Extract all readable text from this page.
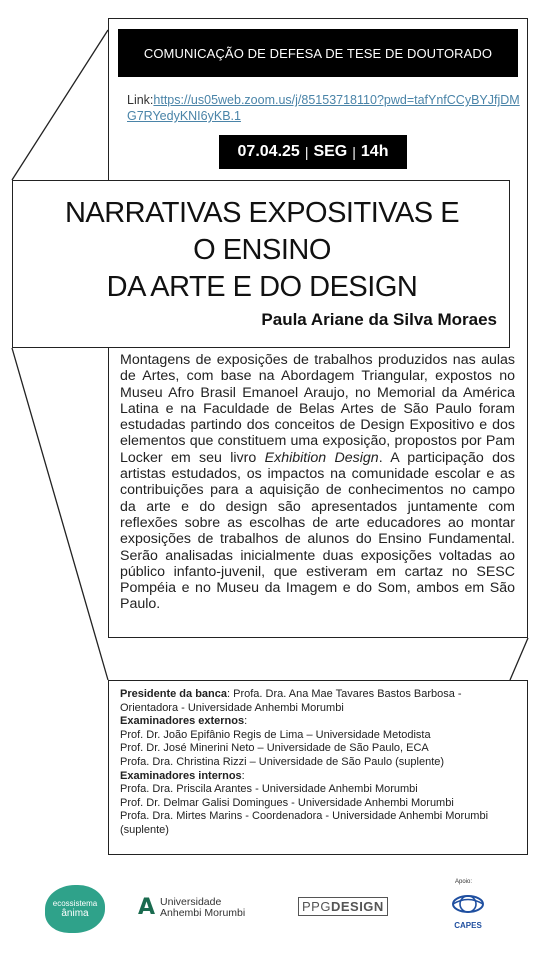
COMUNICAÇÃO DE DEFESA DE TESE DE DOUTORADO
Link:https://us05web.zoom.us/j/85153718110?pwd=tafYnfCCyBYJfjDMG7RYedyKNI6yKB.1
07.04.25 | SEG | 14h
NARRATIVAS EXPOSITIVAS E
O ENSINO
DA ARTE E DO DESIGN
Paula Ariane da Silva Moraes
Montagens de exposições de trabalhos produzidos nas aulas de Artes, com base na Abordagem Triangular, expostos no Museu Afro Brasil Emanoel Araujo, no Memorial da América Latina e na Faculdade de Belas Artes de São Paulo foram estudadas partindo dos conceitos de Design Expositivo e dos elementos que constituem uma exposição, propostos por Pam Locker em seu livro Exhibition Design. A participação dos artistas estudados, os impactos na comunidade escolar e as contribuições para a aquisição de conhecimentos no campo da arte e do design são apresentados juntamente com reflexões sobre as escolhas de arte educadores ao montar exposições de trabalhos de alunos do Ensino Fundamental. Serão analisadas inicialmente duas exposições voltadas ao público infanto-juvenil, que estiveram em cartaz no SESC Pompéia e no Museu da Imagem e do Som, ambos em São Paulo.
Presidente da banca: Profa. Dra. Ana Mae Tavares Bastos Barbosa - Orientadora - Universidade Anhembi Morumbi
Examinadores externos:
Prof. Dr. João Epifânio Regis de Lima – Universidade Metodista
Prof. Dr. José Minerini Neto – Universidade de São Paulo, ECA
Profa. Dra. Christina Rizzi – Universidade de São Paulo (suplente)
Examinadores internos:
Profa. Dra. Priscila Arantes - Universidade Anhembi Morumbi
Prof. Dr. Delmar Galisi Domingues - Universidade Anhembi Morumbi
Profa. Dra. Mirtes Marins - Coordenadora - Universidade Anhembi Morumbi (suplente)
ecossistema
ânima A Universidade
Anhembi Morumbi	PPGDESIGN
Apoio:
CAPES
